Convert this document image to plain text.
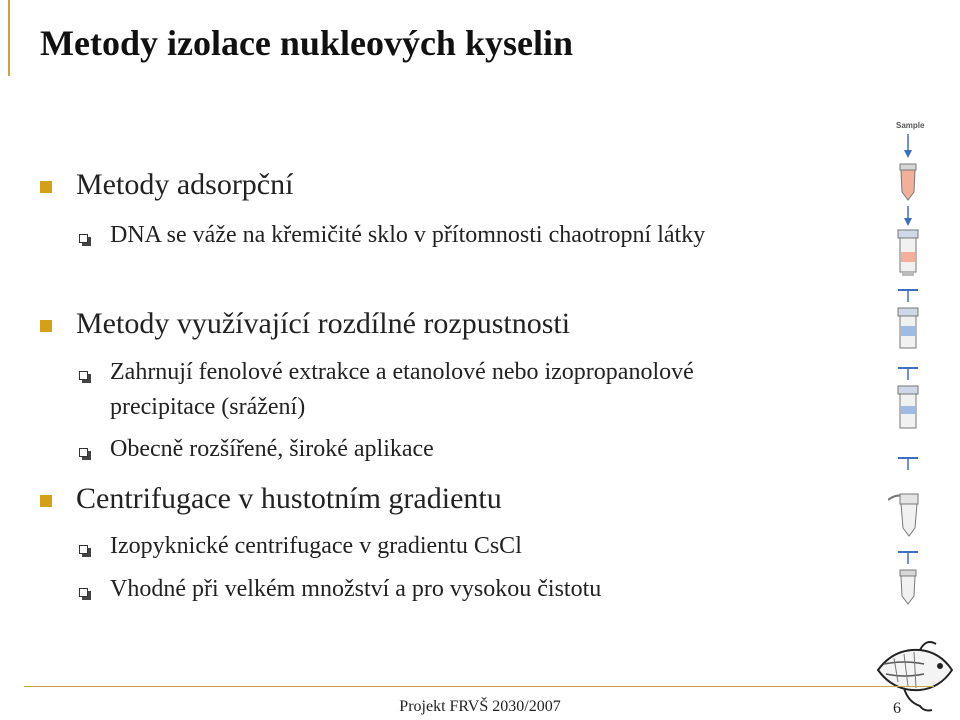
Metody izolace nukleových kyselin
Metody adsorpční
DNA se váže na křemičité sklo v přítomnosti chaotropní látky
Metody využívající rozdílné rozpustnosti
Zahrnují fenolové extrakce a etanolové nebo izopropanolové
precipitace (srážení)
Obecně rozšířené, široké aplikace
Centrifugace v hustotním gradientu
Izopyknické centrifugace v gradientu CsCl
Vhodné při velkém množství a pro vysokou čistotu
Sample
Projekt FRVŠ 2030/2007	6
